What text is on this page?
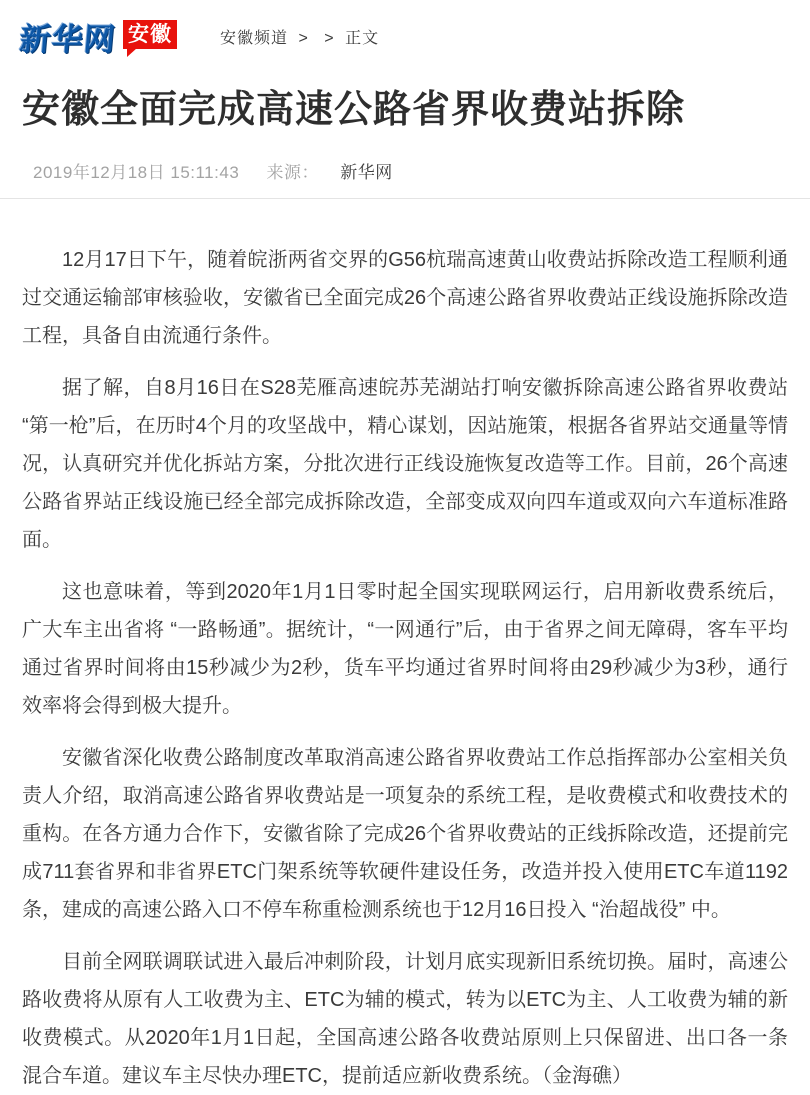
新华网 安徽	安徽频道 > > 正文
安徽全面完成高速公路省界收费站拆除
2019年12月18日 15:11:43 来源： 新华网

12月17日下午，随着皖浙两省交界的G56杭瑞高速黄山收费站拆除改造工程顺利通过交通运输部审核验收，安徽省已全面完成26个高速公路省界收费站正线设施拆除改造工程，具备自由流通行条件。

据了解，自8月16日在S28芜雁高速皖苏芜湖站打响安徽拆除高速公路省界收费站 “第一枪”后，在历时4个月的攻坚战中，精心谋划，因站施策，根据各省界站交通量等情况，认真研究并优化拆站方案，分批次进行正线设施恢复改造等工作。目前，26个高速公路省界站正线设施已经全部完成拆除改造，全部变成双向四车道或双向六车道标准路面。

这也意味着，等到2020年1月1日零时起全国实现联网运行，启用新收费系统后，广大车主出省将 “一路畅通”。据统计，“一网通行”后，由于省界之间无障碍，客车平均通过省界时间将由15秒减少为2秒，货车平均通过省界时间将由29秒减少为3秒，通行效率将会得到极大提升。

安徽省深化收费公路制度改革取消高速公路省界收费站工作总指挥部办公室相关负责人介绍，取消高速公路省界收费站是一项复杂的系统工程，是收费模式和收费技术的重构。在各方通力合作下，安徽省除了完成26个省界收费站的正线拆除改造，还提前完成711套省界和非省界ETC门架系统等软硬件建设任务，改造并投入使用ETC车道1192条，建成的高速公路入口不停车称重检测系统也于12月16日投入 “治超战役” 中。

目前全网联调联试进入最后冲刺阶段，计划月底实现新旧系统切换。届时，高速公路收费将从原有人工收费为主、ETC为辅的模式，转为以ETC为主、人工收费为辅的新收费模式。从2020年1月1日起，全国高速公路各收费站原则上只保留进、出口各一条混合车道。建议车主尽快办理ETC，提前适应新收费系统。（金海礁）
